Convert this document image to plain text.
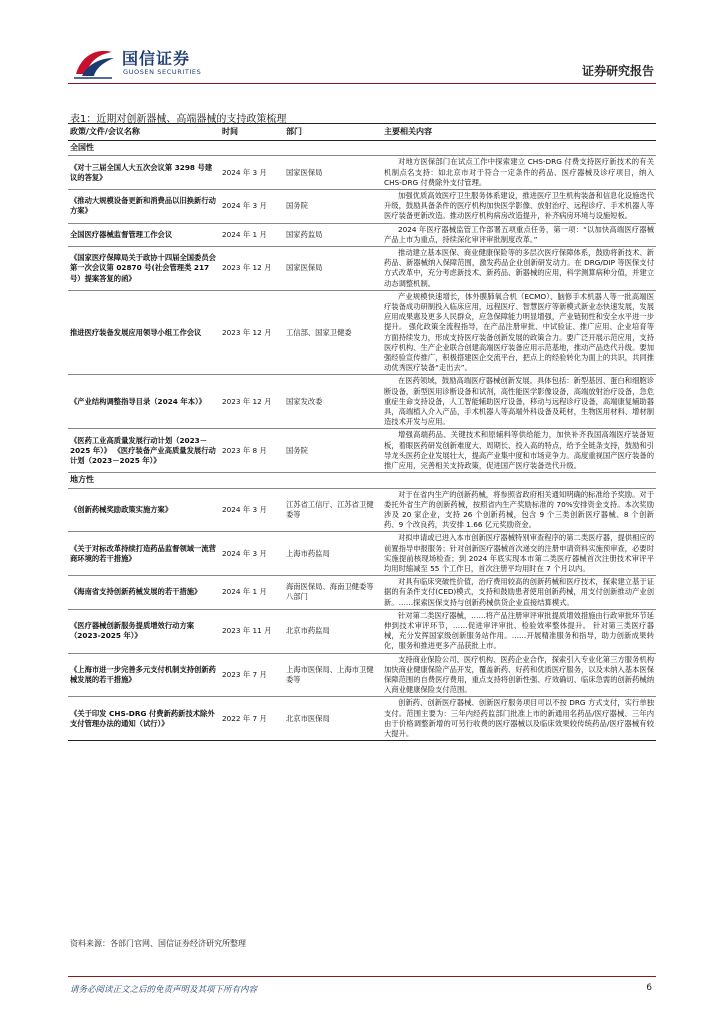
国信证券
GUOSEN SECURITIES	证券研究报告
表1：近期对创新器械、高端器械的支持政策梳理
政策/文件/会议名称	时间	部门	主要相关内容
全国性			
《对十三届全国人大五次会议第 3298 号建议的答复》	2024 年 3 月	国家医保局	对地方医保部门在试点工作中探索建立 CHS-DRG 付费支持医疗新技术的有关机制点名支持：如北京市对于符合一定条件的药品、医疗器械及诊疗项目，纳入 CHS-DRG 付费除外支付管理。
《推动大规模设备更新和消费品以旧换新行动方案》	2024 年 3 月	国务院	加强优质高效医疗卫生服务体系建设，推进医疗卫生机构装备和信息化设施迭代升级，鼓励具备条件的医疗机构加快医学影像、放射治疗、远程诊疗、手术机器人等医疗装备更新改造。推动医疗机构病房改造提升，补齐病房环境与设施短板。
全国医疗器械监督管理工作会议	2024 年 1 月	国家药监局	2024 年医疗器械监管工作部署五项重点任务，第一项：“以加快高端医疗器械产品上市为重点，持续深化审评审批制度改革。”
《国家医疗保障局关于政协十四届全国委员会第一次会议第 02870 号(社会管理类 217 号）提案答复的函》	2023 年 12 月	国家医保局	推动建立基本医保、商业健康保险等的多层次医疗保障体系，鼓励将新技术、新药品、新器械纳入保障范围，激发药品企业创新研发动力。在 DRG/DIP 等医保支付方式改革中，充分考虑新技术、新药品、新器械的应用，科学测算病种分值，并建立动态调整机制。
推进医疗装备发展应用领导小组工作会议	2023 年 12 月	工信部、国家卫健委	产业规模快速增长，体外膜肺氧合机（ECMO）、脑修手术机器人等一批高端医疗装备成功研制投入临床应用，远程医疗、智慧医疗等新模式新业态快速发展，发展应用成果惠及更多人民群众，应急保障能力明显增强，产业链韧性和安全水平进一步提升。 强化政策全流程指导，在产品注册审批、中试验证、推广应用、企业培育等方面持续发力，形成支持医疗装备创新发展的政策合力。要广泛开展示范应用，支持医疗机构、生产企业联合创建高端医疗装备应用示范基地，推动产品迭代升级。要加强经验宣传推广，积极搭建医企交流平台，把点上的经验转化为面上的共识，共同推动优秀医疗装备“走出去”。
《产业结构调整指导目录（2024 年本）》	2023 年 12 月	国家发改委	在医药领域，鼓励高端医疗器械创新发展。具体包括：新型基因、蛋白和细胞诊断设备，新型医用诊断设备和试剂，高性能医学影像设备，高端放射治疗设备，急危重症生命支持设备，人工智能辅助医疗设备，移动与远程诊疗设备，高端康复辅助器具，高端植入介入产品，手术机器人等高端外科设备及耗材，生物医用材料、增材制造技术开发与应用。
《医药工业高质量发展行动计划（2023－2025 年）》 《医疗装备产业高质量发展行动计划（2023－2025 年）》	2023 年 8 月	国务院	增强高端药品、关键技术和原辅料等供给能力，加快补齐我国高端医疗装备短板，着眼医药研发创新难度大、周期长、投入高的特点，给予全链条支持，鼓励和引导龙头医药企业发展壮大，提高产业集中度和市场竞争力。高度重视国产医疗装备的推广应用，完善相关支持政策，促进国产医疗装备迭代升级。
地方性			
《创新药械奖励政策实施方案》	2024 年 3 月	江苏省工信厅、江苏省卫健委等	对于在省内生产的创新药械，将参照省政府相关通知明确的标准给予奖励。对于委托外省生产的创新药械，按照省内生产奖励标准的 70%安排资金支持。本次奖励涉及 20 家企业，支持 26 个创新药械，包含 9 个三类创新医疗器械、8 个创新药、9 个改良药，共安排 1.66 亿元奖励资金。
《关于对标改革持续打造药品监督领域一流营商环境的若干措施》	2024 年 3 月	上海市药监局	对拟申请或已进入本市创新医疗器械特别审查程序的第二类医疗器，提供相应的前置指导申报服务；针对创新医疗器械首次递交的注册申请资料实施预审查，必要时实施提前核现场检查；到 2024 年底实现本市第二类医疗器械首次注册技术审评平均用时缩减至 55 个工作日，首次注册平均用时在 7 个月以内。
《海南省支持创新药械发展的若干措施》	2024 年 1 月	海南医保局、海南卫健委等八部门	对具有临床突破性价值，治疗费用较高的创新药械和医疗技术，探索建立基于证据的有条件支付(CED)模式，支持和鼓励患者使用创新药械，用支付创新推动产业创新。……探索医保支持与创新药械供货企业直接结算模式。
《医疗器械创新服务提质增效行动方案（2023-2025 年）》	2023 年 11 月	北京市药监局	针对第二类医疗器械，……将产品注册审评审批提质增效措施由行政审批环节延伸到技术审评环节，……促进审评审批、检验效率整体提升。 针对第三类医疗器械，充分发挥国家级创新服务站作用。……开展精准服务和指导，助力创新成果转化，服务和推进更多产品获批上市。
《上海市进一步完善多元支付机制支持创新药械发展的若干措施》	2023 年 7 月	上海市医保局、上海市卫健委等	支持商业保险公司、医疗机构、医药企业合作，探索引入专业化第三方服务机构加快商业健康保险产品开发，覆盖新药、好药和优质医疗服务，以及未纳入基本医保保障范围的自费医疗费用，重点支持将创新性强、疗效确切、临床急需的创新药械纳入商业健康保险支付范围。
《关于印发 CHS-DRG 付费新药新技术除外支付管理办法的通知（试行）》	2022 年 7 月	北京市医保局	创新药、创新医疗器械、创新医疗服务项目可以不按 DRG 方式支付，实行单独支付。范围主要为：三年内经药监部门批准上市的新通用名药品/医疗器械、三年内由于价格调整新增的可另行收费的医疗器械以及临床效果较传统药品/医疗器械有较大提升。
资料来源：各部门官网、国信证券经济研究所整理
请务必阅读正文之后的免责声明及其项下所有内容	6
